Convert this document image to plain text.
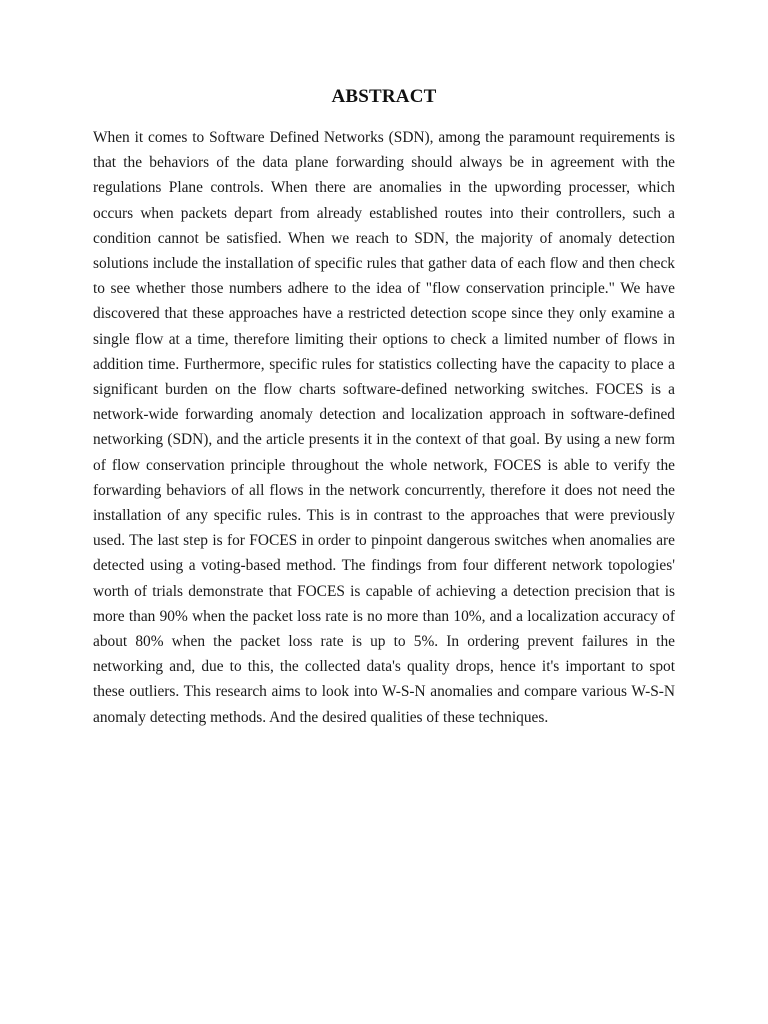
ABSTRACT

When it comes to Software Defined Networks (SDN), among the paramount requirements is that the behaviors of the data plane forwarding should always be in agreement with the regulations Plane controls. When there are anomalies in the upwording processer, which occurs when packets depart from already established routes into their controllers, such a condition cannot be satisfied. When we reach to SDN, the majority of anomaly detection solutions include the installation of specific rules that gather data of each flow and then check to see whether those numbers adhere to the idea of "flow conservation principle." We have discovered that these approaches have a restricted detection scope since they only examine a single flow at a time, therefore limiting their options to check a limited number of flows in addition time. Furthermore, specific rules for statistics collecting have the capacity to place a significant burden on the flow charts software-defined networking switches. FOCES is a network-wide forwarding anomaly detection and localization approach in software-defined networking (SDN), and the article presents it in the context of that goal. By using a new form of flow conservation principle throughout the whole network, FOCES is able to verify the forwarding behaviors of all flows in the network concurrently, therefore it does not need the installation of any specific rules. This is in contrast to the approaches that were previously used. The last step is for FOCES in order to pinpoint dangerous switches when anomalies are detected using a voting-based method. The findings from four different network topologies' worth of trials demonstrate that FOCES is capable of achieving a detection precision that is more than 90% when the packet loss rate is no more than 10%, and a localization accuracy of about 80% when the packet loss rate is up to 5%. In ordering prevent failures in the networking and, due to this, the collected data's quality drops, hence it's important to spot these outliers. This research aims to look into W-S-N anomalies and compare various W-S-N anomaly detecting methods. And the desired qualities of these techniques.
